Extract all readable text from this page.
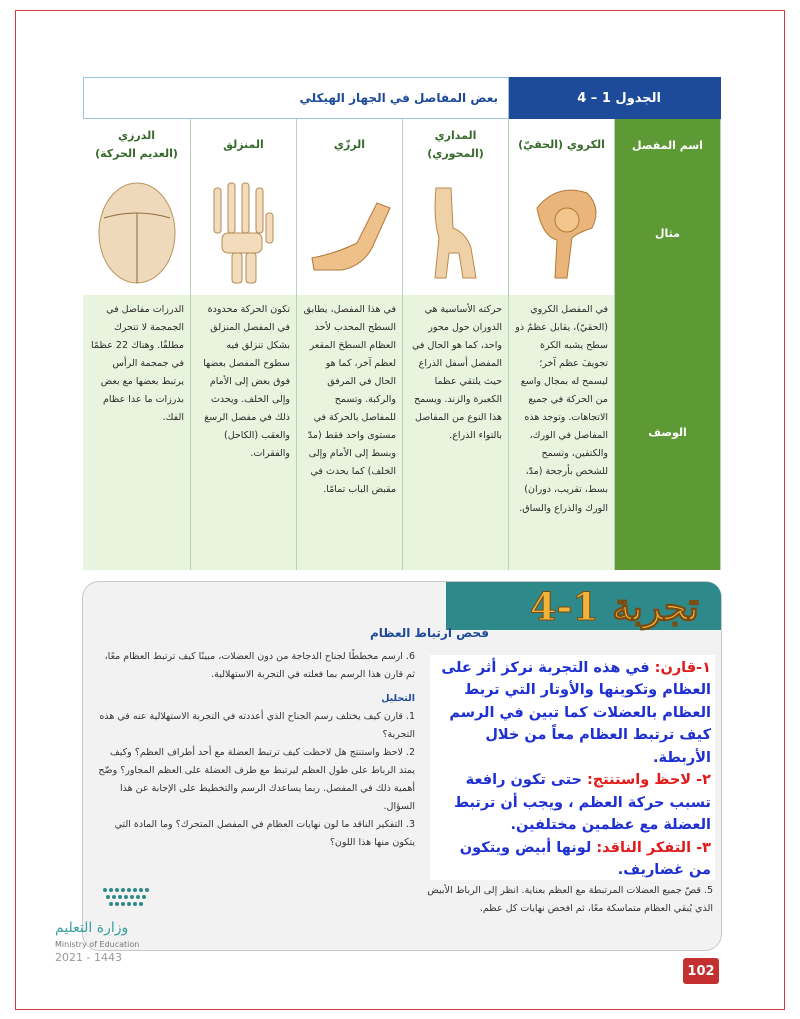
الجدول 1 – 4
بعض المفاصل في الجهاز الهيكلي
اسم المفصل
الكروي (الحقيّ)
المداري
(المحوري)
الرزّي
المنزلق
الدرزي
(العديم الحركة)
مثال
الوصف
في المفصل الكروي (الحقيّ)، يقابل عظمٌ ذو سطح يشبه الكرة تجويفَ عظم آخر؛ ليسمح له بمجال واسع من الحركة في جميع الاتجاهات. وتوجد هذه المفاصل في الورك، والكتفين، وتسمح للشخص بأرجحة (مدّ، بسط، تقريب، دوران) الورك والذراع والساق.
حركته الأساسية هي الدوران حول محور واحد، كما هو الحال في المفصل أسفل الذراع حيث يلتقي عظما الكعبرة والزند. ويسمح هذا النوع من المفاصل بالتواء الذراع.
في هذا المفصل، يطابق السطح المحدب لأحد العظام السطحَ المقعر لعظم آخر، كما هو الحال في المرفق والركبة. وتسمح للمفاصل بالحركة في مستوى واحد فقط (مدّ وبسط إلى الأمام وإلى الخلف) كما يحدث في مقبض الباب تمامًا.
تكون الحركة محدودة في المفصل المنزلق بشكل تنزلق فيه سطوح المفصل بعضها فوق بعض إلى الأمام وإلى الخلف. ويحدث ذلك في مفصل الرسغ والعقب (الكاحل) والفقرات.
الدرزات مفاصل في الجمجمة لا تتحرك مطلقًا. وهناك 22 عظمًا في جمجمة الرأس يرتبط بعضها مع بعض بدرزات ما عدا عظام الفك.
تجربة 1-4
فحص ارتباط العظام
6. ارسم مخططًا لجناح الدجاجة من دون العضلات، مبينًا كيف ترتبط العظام معًا، ثم قارن هذا الرسم بما فعلته في التجربة الاستهلالية.
التحليل
1. قارن كيف يختلف رسم الجناح الذي أعددته في التجربة الاستهلالية عنه في هذه التجربة؟
2. لاحظ واستنتج هل لاحظت كيف ترتبط العضلة مع أحد أطراف العظم؟ وكيف يمتد الرباط على طول العظم ليرتبط مع طرف العضلة على العظم المجاور؟ وضّح أهمية ذلك في المفصل. ربما يساعدك الرسم والتخطيط على الإجابة عن هذا السؤال.
3. التفكير الناقد ما لون نهايات العظام في المفصل المتحرك؟ وما المادة التي يتكون منها هذا اللون؟
5. قصّ جميع العضلات المرتبطة مع العظم بعناية. انظر إلى الرباط الأبيض الذي يُبقي العظام متماسكة معًا، ثم افحص نهايات كل عظم.
١-قارن: في هذه التجربة نركز أثر على العظام وتكوينها والأوتار التي تربط العظام بالعضلات كما تبين في الرسم كيف ترتبط العظام معاً من خلال الأربطة.
٢- لاحظ واستنتج: حتى تكون رافعة تسبب حركة العظم ، ويجب أن ترتبط العضلة مع عظمين مختلفين.
٣- التفكر الناقد: لونها أبيض ويتكون من غضاريف.
وزارة التعليم
Ministry of Education
2021 - 1443
102
